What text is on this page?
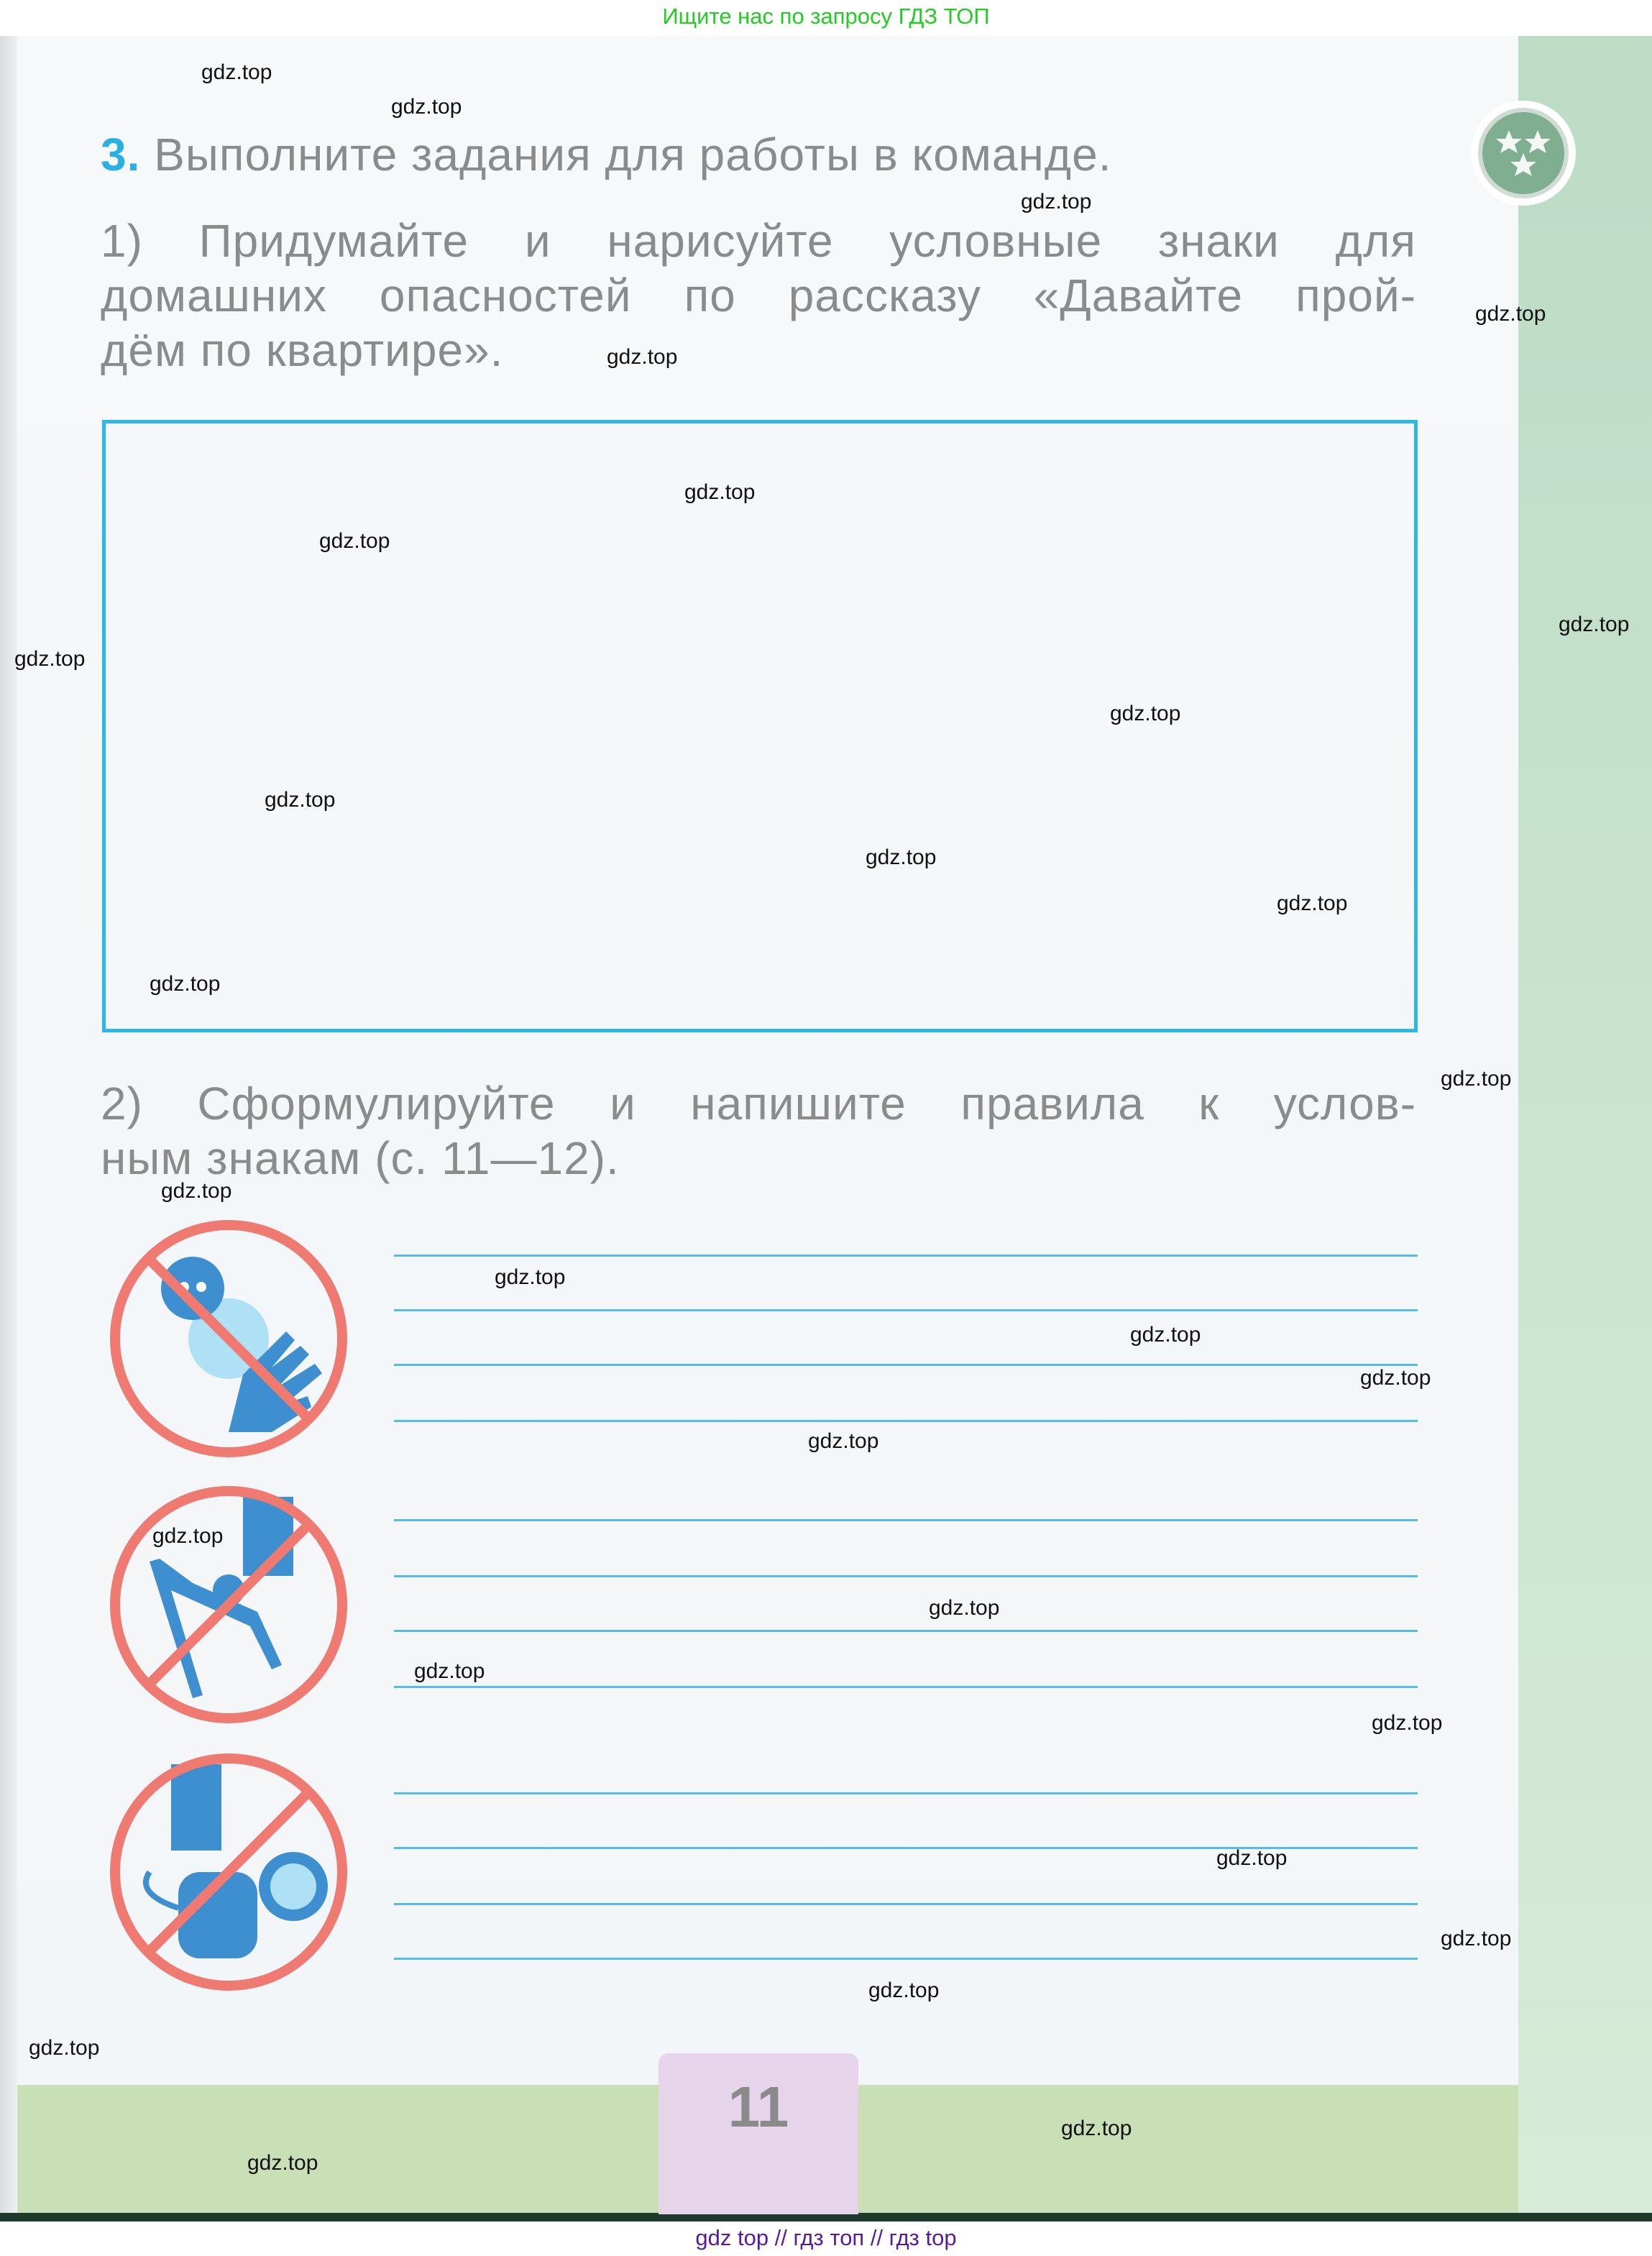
Ищите нас по запросу ГДЗ ТОП
gdz top // гдз топ // гдз top
3. Выполните задания для работы в команде.
1) Придумайте и нарисуйте условные знаки для
домашних опасностей по рассказу «Давайте прой-
дём по квартире».
2) Сформулируйте и напишите правила к услов-
ным знакам (с. 11—12).
11
gdz.top
gdz.top
gdz.top
gdz.top
gdz.top
gdz.top
gdz.top
gdz.top
gdz.top
gdz.top
gdz.top
gdz.top
gdz.top
gdz.top
gdz.top
gdz.top
gdz.top
gdz.top
gdz.top
gdz.top
gdz.top
gdz.top
gdz.top
gdz.top
gdz.top
gdz.top
gdz.top
gdz.top
gdz.top
gdz.top
